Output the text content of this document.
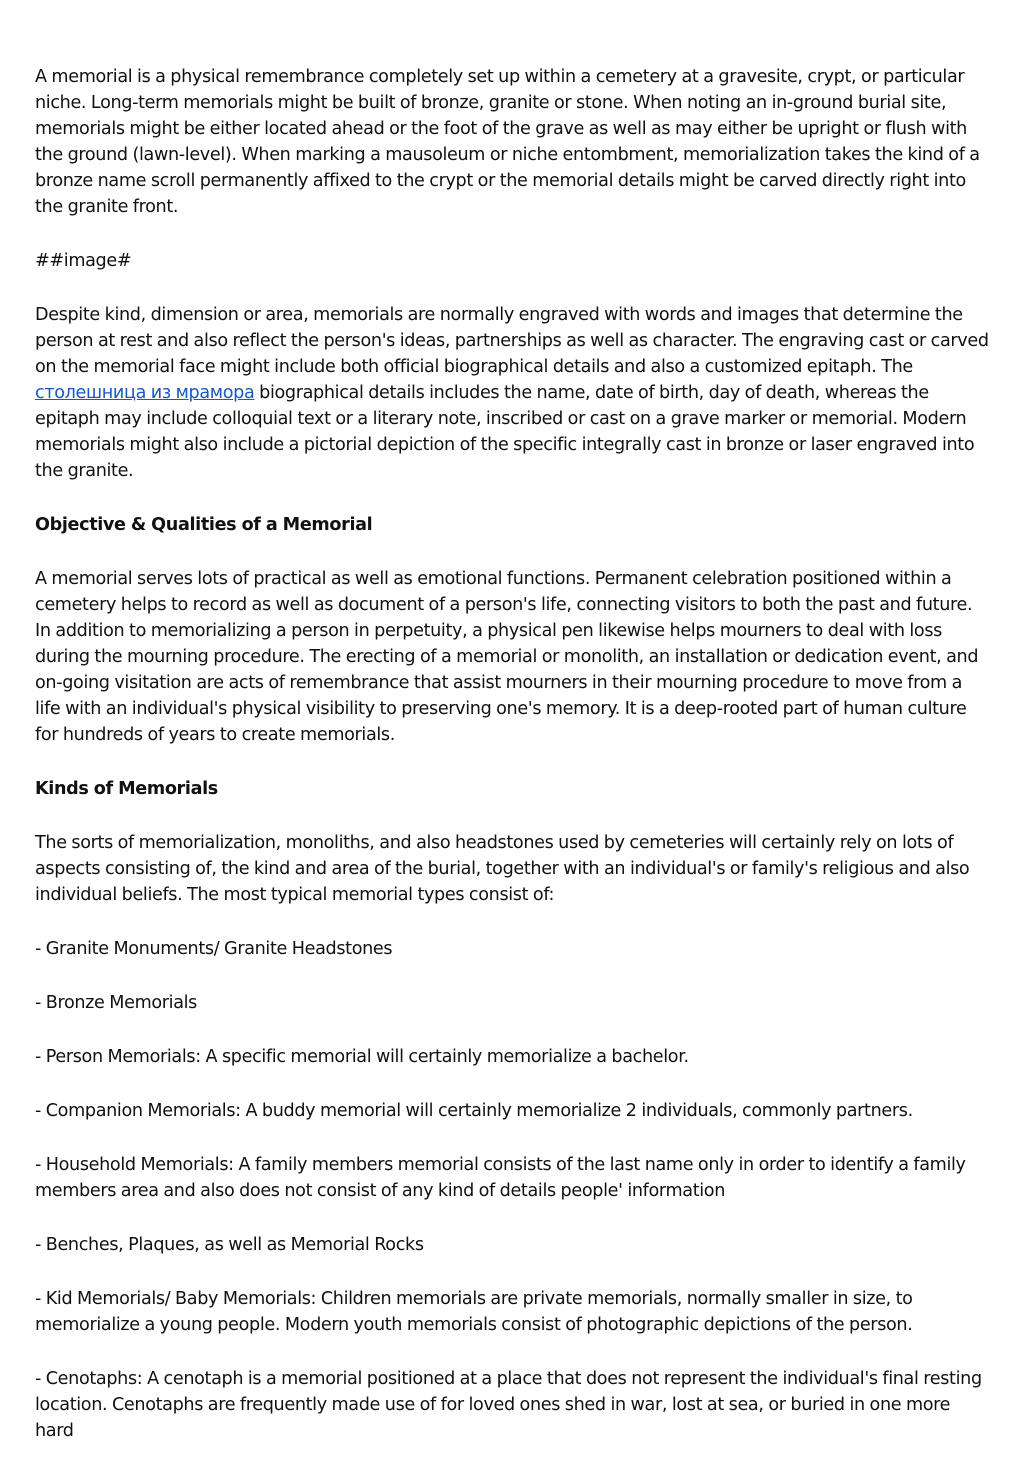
A memorial is a physical remembrance completely set up within a cemetery at a gravesite, crypt, or particular niche. Long-term memorials might be built of bronze, granite or stone. When noting an in-ground burial site, memorials might be either located ahead or the foot of the grave as well as may either be upright or flush with the ground (lawn-level). When marking a mausoleum or niche entombment, memorialization takes the kind of a bronze name scroll permanently affixed to the crypt or the memorial details might be carved directly right into the granite front.

##image#

Despite kind, dimension or area, memorials are normally engraved with words and images that determine the person at rest and also reflect the person's ideas, partnerships as well as character. The engraving cast or carved on the memorial face might include both official biographical details and also a customized epitaph. The столешница из мрамора biographical details includes the name, date of birth, day of death, whereas the epitaph may include colloquial text or a literary note, inscribed or cast on a grave marker or memorial. Modern memorials might also include a pictorial depiction of the specific integrally cast in bronze or laser engraved into the granite.

Objective & Qualities of a Memorial

A memorial serves lots of practical as well as emotional functions. Permanent celebration positioned within a cemetery helps to record as well as document of a person's life, connecting visitors to both the past and future. In addition to memorializing a person in perpetuity, a physical pen likewise helps mourners to deal with loss during the mourning procedure. The erecting of a memorial or monolith, an installation or dedication event, and on-going visitation are acts of remembrance that assist mourners in their mourning procedure to move from a life with an individual's physical visibility to preserving one's memory. It is a deep-rooted part of human culture for hundreds of years to create memorials.

Kinds of Memorials

The sorts of memorialization, monoliths, and also headstones used by cemeteries will certainly rely on lots of aspects consisting of, the kind and area of the burial, together with an individual's or family's religious and also individual beliefs. The most typical memorial types consist of:

- Granite Monuments/ Granite Headstones

- Bronze Memorials

- Person Memorials: A specific memorial will certainly memorialize a bachelor.

- Companion Memorials: A buddy memorial will certainly memorialize 2 individuals, commonly partners.

- Household Memorials: A family members memorial consists of the last name only in order to identify a family members area and also does not consist of any kind of details people' information

- Benches, Plaques, as well as Memorial Rocks

- Kid Memorials/ Baby Memorials: Children memorials are private memorials, normally smaller in size, to memorialize a young people. Modern youth memorials consist of photographic depictions of the person.

- Cenotaphs: A cenotaph is a memorial positioned at a place that does not represent the individual's final resting location. Cenotaphs are frequently made use of for loved ones shed in war, lost at sea, or buried in one more hard
